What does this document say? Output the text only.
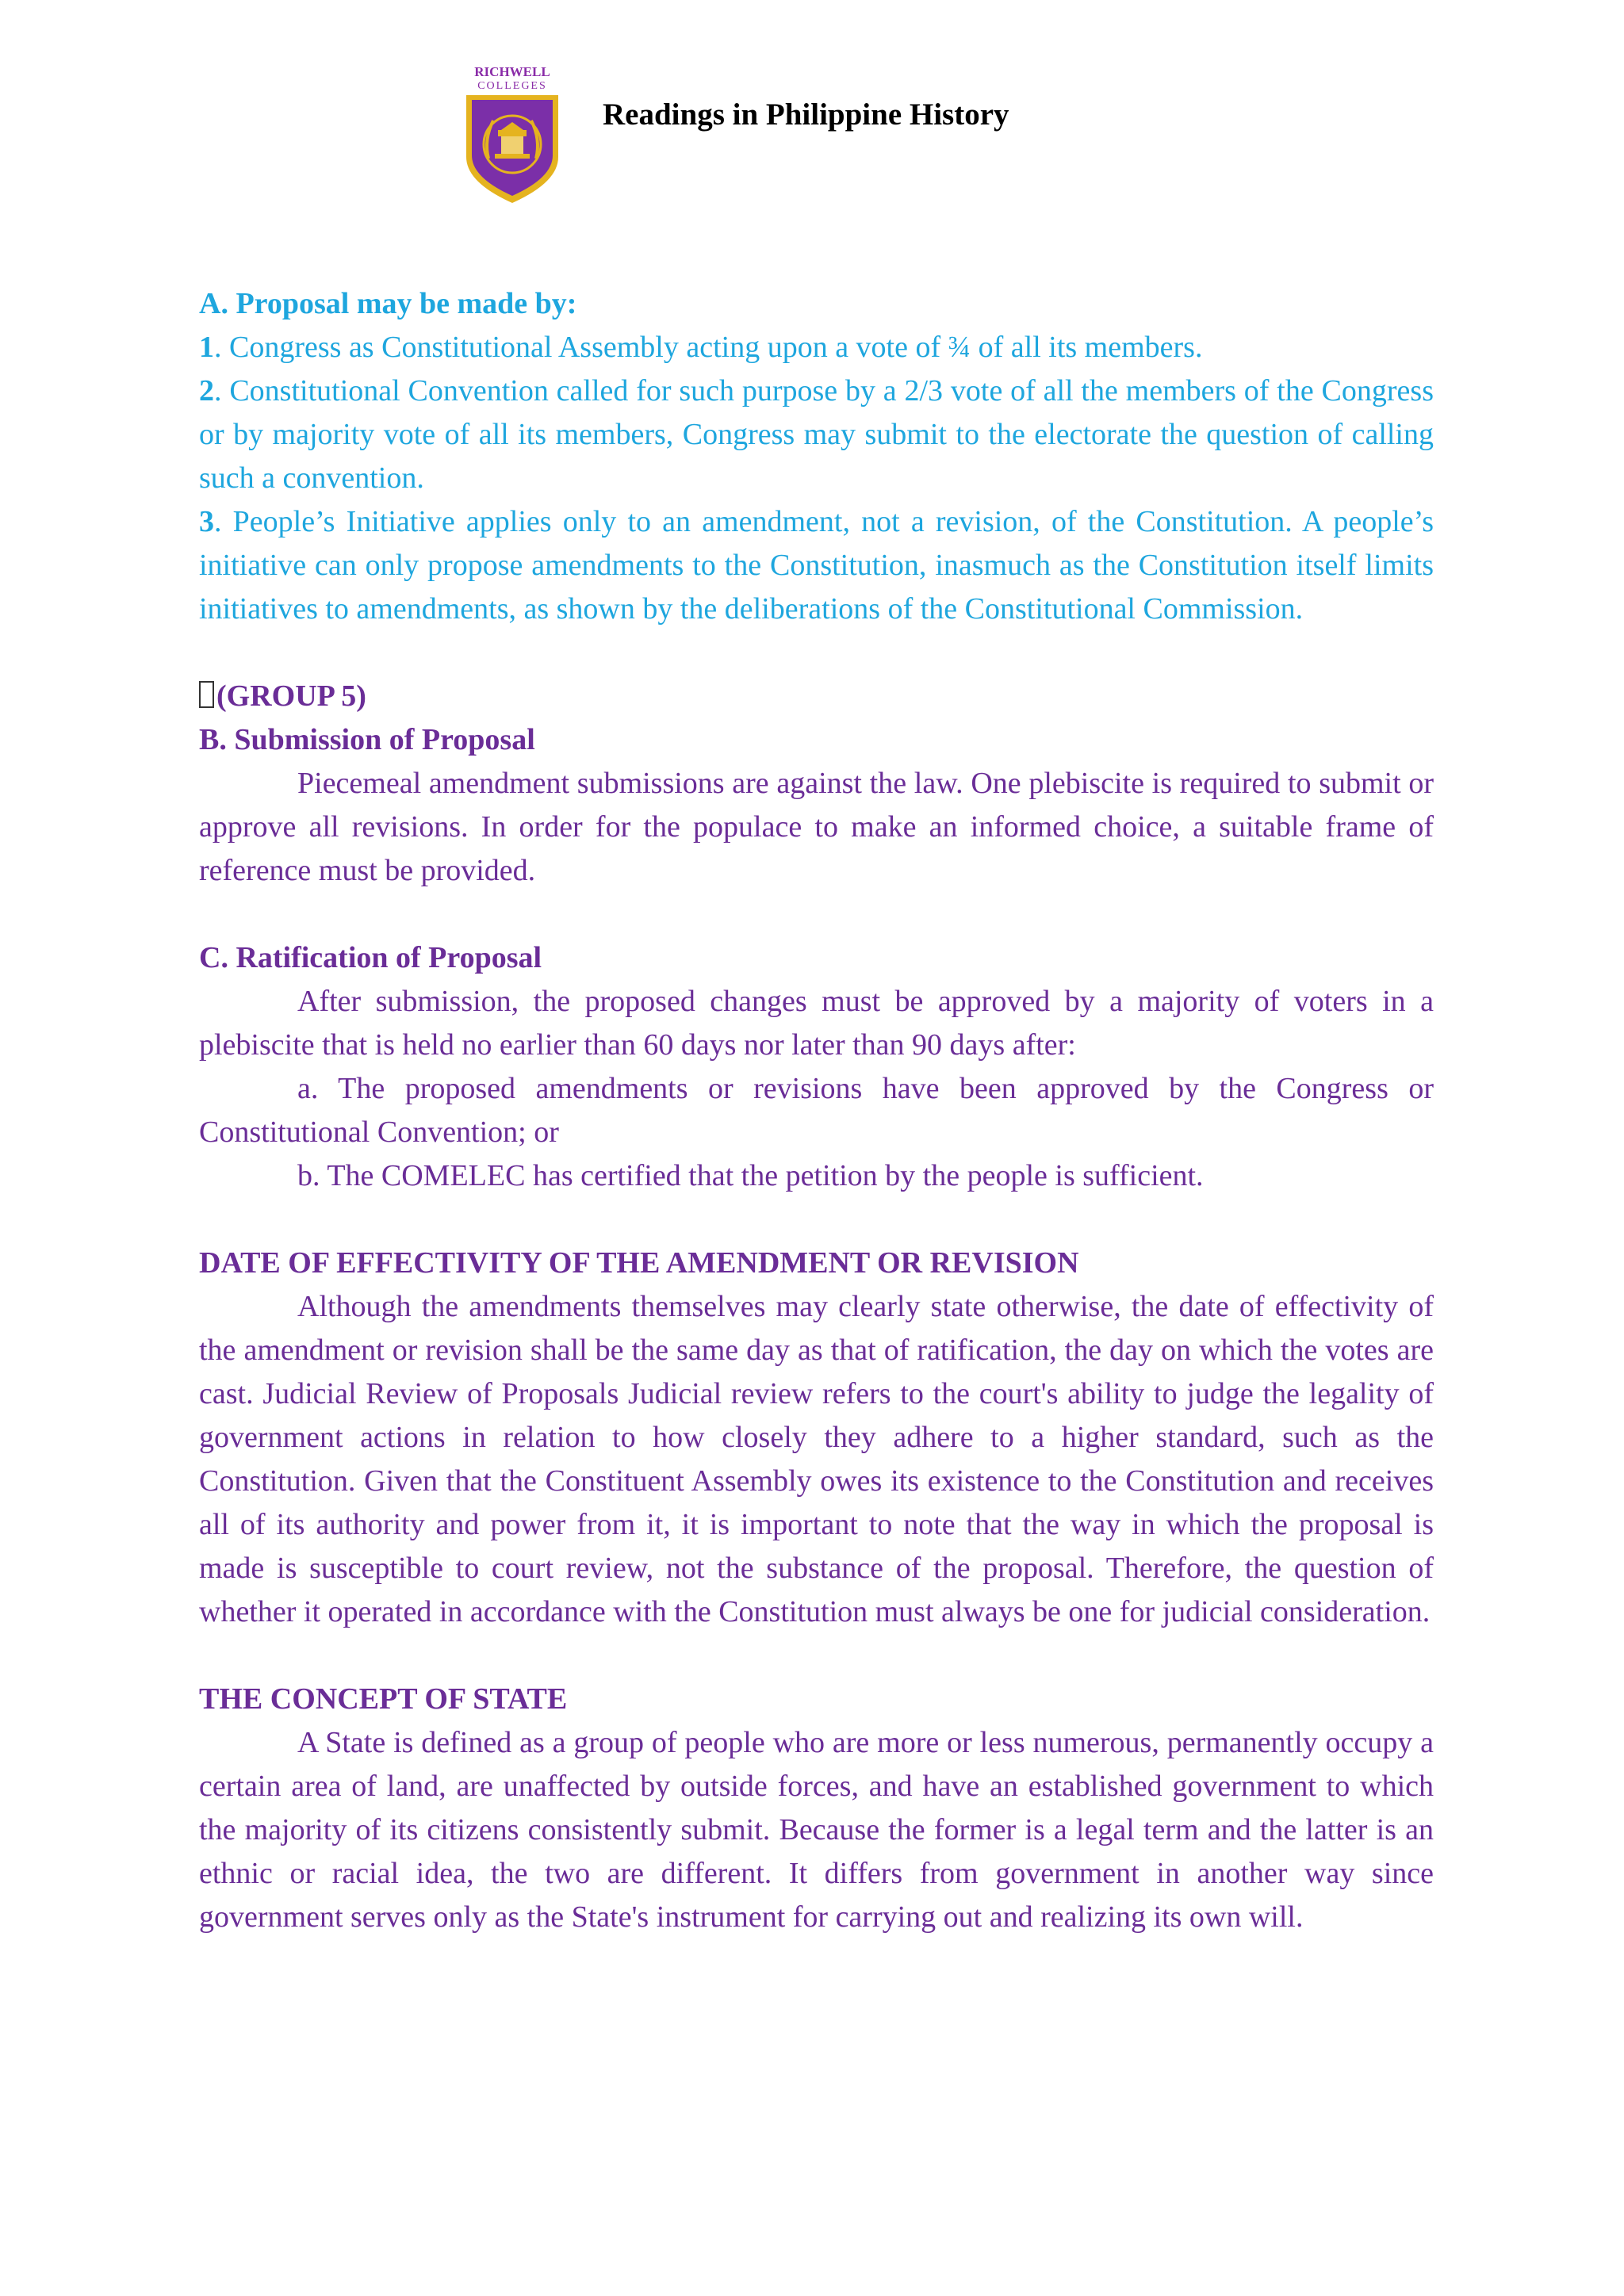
RICHWELL
COLLEGES
Readings in Philippine History

A. Proposal may be made by:

1. Congress as Constitutional Assembly acting upon a vote of ¾ of all its members.

2. Constitutional Convention called for such purpose by a 2/3 vote of all the members of the Congress or by majority vote of all its members, Congress may submit to the electorate the question of calling such a convention.

3. People’s Initiative applies only to an amendment, not a revision, of the Constitution. A people’s initiative can only propose amendments to the Constitution, inasmuch as the Constitution itself limits initiatives to amendments, as shown by the deliberations of the Constitutional Commission.

(GROUP 5)

B. Submission of Proposal

Piecemeal amendment submissions are against the law. One plebiscite is required to submit or approve all revisions. In order for the populace to make an informed choice, a suitable frame of reference must be provided.

C. Ratification of Proposal

After submission, the proposed changes must be approved by a majority of voters in a plebiscite that is held no earlier than 60 days nor later than 90 days after:

a. The proposed amendments or revisions have been approved by the Congress or Constitutional Convention; or

b. The COMELEC has certified that the petition by the people is sufficient.

DATE OF EFFECTIVITY OF THE AMENDMENT OR REVISION

Although the amendments themselves may clearly state otherwise, the date of effectivity of the amendment or revision shall be the same day as that of ratification, the day on which the votes are cast. Judicial Review of Proposals Judicial review refers to the court's ability to judge the legality of government actions in relation to how closely they adhere to a higher standard, such as the Constitution. Given that the Constituent Assembly owes its existence to the Constitution and receives all of its authority and power from it, it is important to note that the way in which the proposal is made is susceptible to court review, not the substance of the proposal. Therefore, the question of whether it operated in accordance with the Constitution must always be one for judicial consideration.

THE CONCEPT OF STATE

A State is defined as a group of people who are more or less numerous, permanently occupy a certain area of land, are unaffected by outside forces, and have an established government to which the majority of its citizens consistently submit. Because the former is a legal term and the latter is an ethnic or racial idea, the two are different. It differs from government in another way since government serves only as the State's instrument for carrying out and realizing its own will.
